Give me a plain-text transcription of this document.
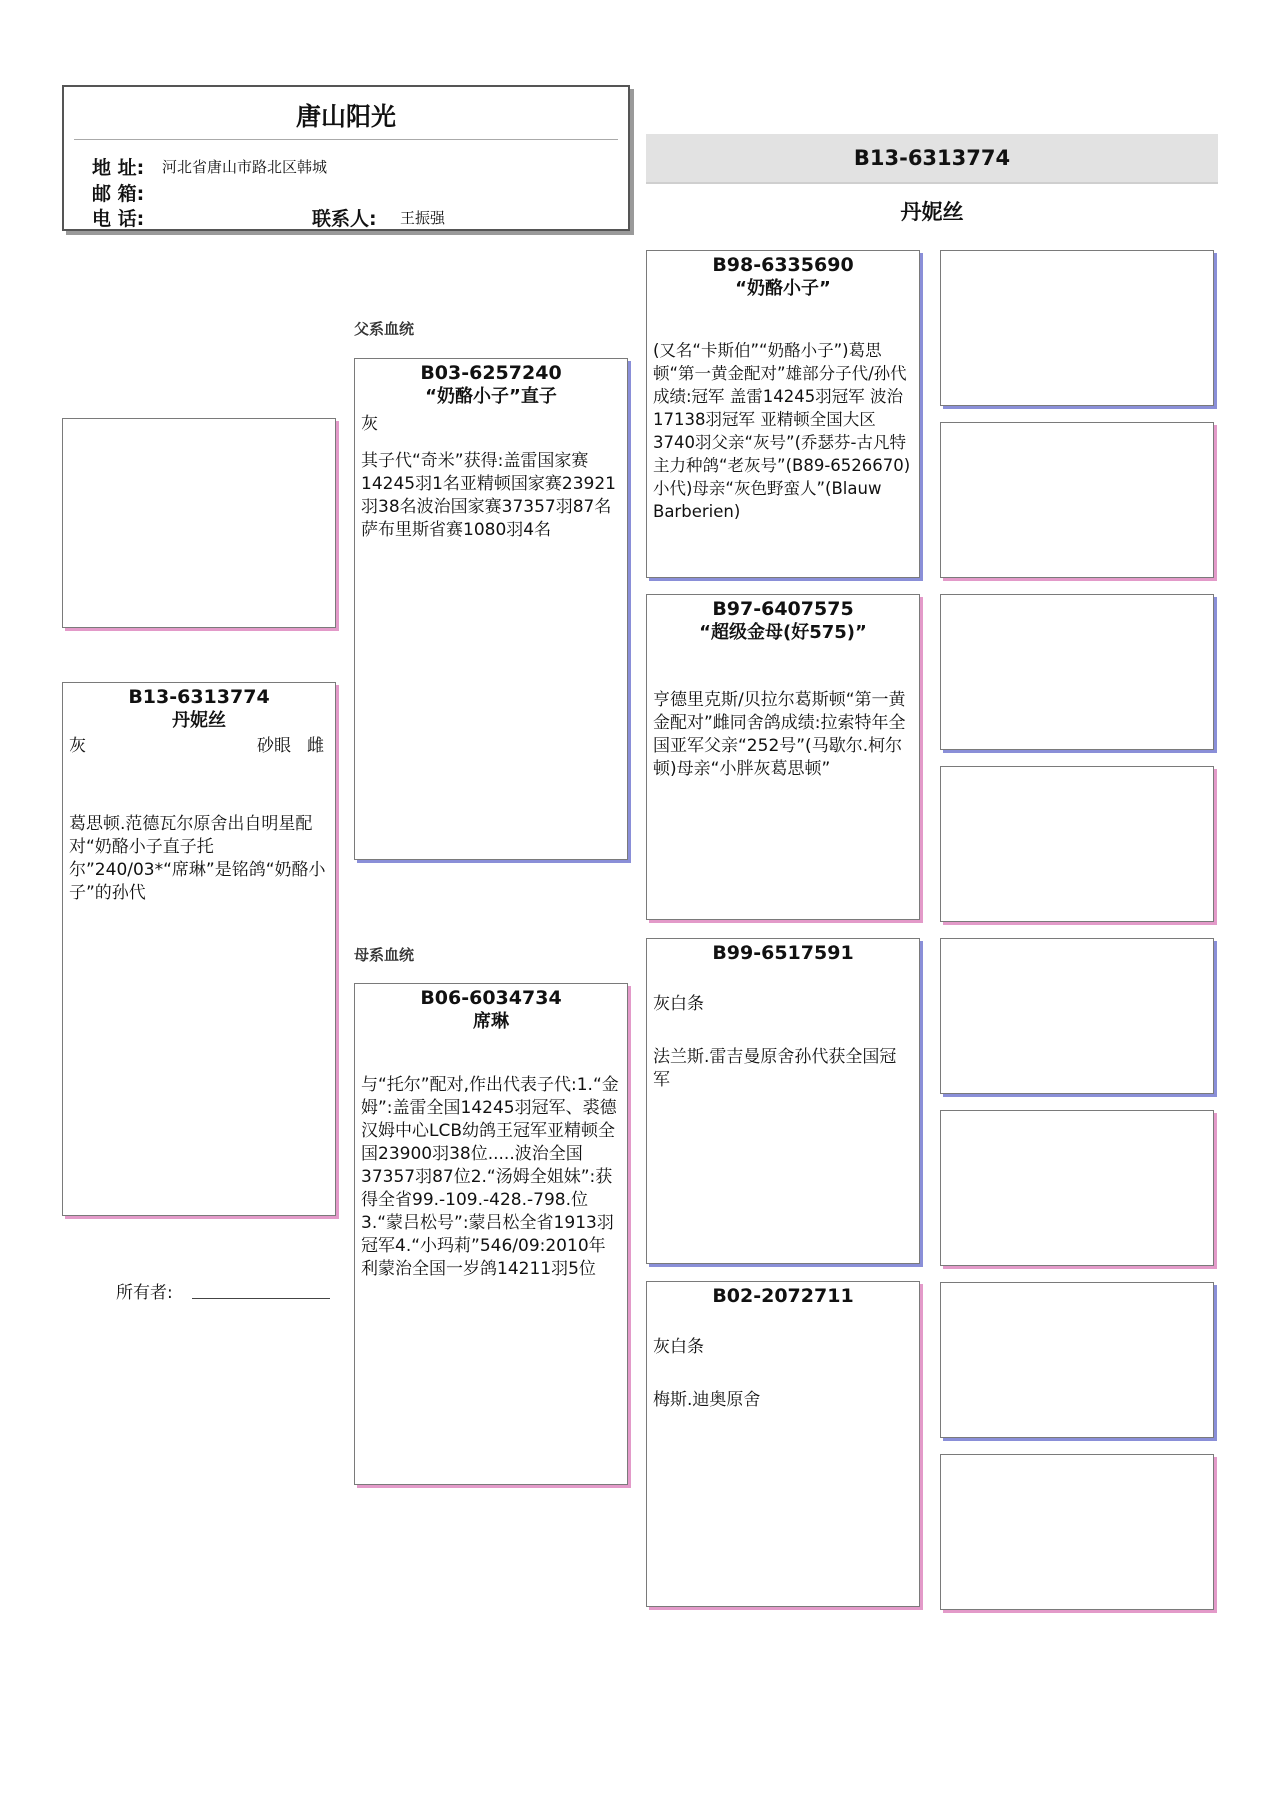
唐山阳光
地 址: 河北省唐山市路北区韩城
邮 箱:
电 话:	联系人: 王振强
B13-6313774
丹妮丝
B13-6313774
丹妮丝
灰	砂眼 雌
葛思顿.范德瓦尔原舍出自明星配对“奶酪小子直子托尔”240/03*“席琳”是铭鸽“奶酪小子”的孙代
所有者:
父系血统
母系血统
B03-6257240
“奶酪小子”直子
灰
其子代“奇米”获得:盖雷国家赛14245羽1名亚精顿国家赛23921羽38名波治国家赛37357羽87名萨布里斯省赛1080羽4名
B06-6034734
席琳
与“托尔”配对,作出代表子代:1.“金姆”:盖雷全国14245羽冠军、裘德汉姆中心LCB幼鸽王冠军亚精顿全国23900羽38位.....波治全国37357羽87位2.“汤姆全姐妹”:获得全省99.-109.-428.-798.位3.“蒙吕松号”:蒙吕松全省1913羽冠军4.“小玛莉”546/09:2010年利蒙治全国一岁鸽14211羽5位
B98-6335690
“奶酪小子”
(又名“卡斯伯”“奶酪小子”)葛思顿“第一黄金配对”雄部分子代/孙代成绩:冠军 盖雷14245羽冠军 波治 17138羽冠军 亚精顿全国大区 3740羽父亲“灰号”(乔瑟芬-古凡特主力种鸽“老灰号”(B89-6526670)小代)母亲“灰色野蛮人”(Blauw Barberien)
B97-6407575
“超级金母(好575)”
亨德里克斯/贝拉尔葛斯顿“第一黄金配对”雌同舍鸽成绩:拉索特年全国亚军父亲“252号”(马歇尔.柯尔顿)母亲“小胖灰葛思顿”
B99-6517591
灰白条
法兰斯.雷吉曼原舍孙代获全国冠军
B02-2072711
灰白条
梅斯.迪奥原舍
